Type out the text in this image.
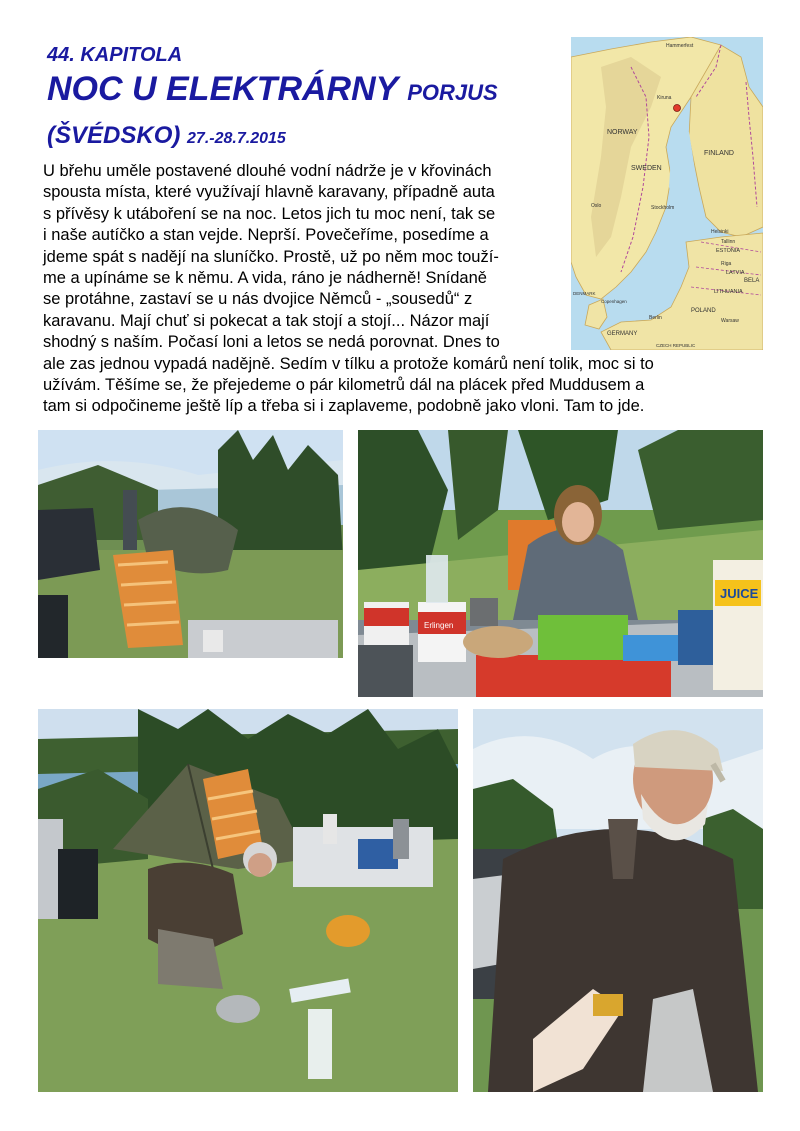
44. KAPITOLA
NOC U ELEKTRÁRNY PORJUS
(ŠVÉDSKO) 27.-28.7.2015

U břehu uměle postavené dlouhé vodní nádrže je v křovinách

spousta místa, které využívají hlavně karavany, případně auta

s přívěsy k utáboření se na noc. Letos jich tu moc není, tak se

i naše autíčko a stan vejde. Neprší. Povečeříme, posedíme a

jdeme spát s nadějí na sluníčko. Prostě, už po něm moc touží-

me a upínáme se k němu. A vida, ráno je nádherně! Snídaně

se protáhne, zastaví se u nás dvojice Němců - „sousedů“ z

karavanu. Mají chuť si pokecat a tak stojí a stojí... Názor mají

shodný s naším. Počasí loni a letos se nedá porovnat. Dnes to

ale zas jednou vypadá nadějně. Sedím v tílku a protože komárů není tolik, moc si to

užívám. Těšíme se, že přejedeme o pár kilometrů dál na plácek před Muddusem a

tam si odpočineme ještě líp a třeba si i zaplaveme, podobně jako vloni. Tam to jde.

NORWAY
SWEDEN
FINLAND
ESTONIA
LATVIA
LITHUANIA
POLAND
GERMANY
BELA
CZECH REPUBLIC
DENMARK
Helsinki
Stockholm
Oslo
Riga
Tallinn
Warsaw
Berlin
Copenhagen
Hammerfest
Kiruna
Erlingen
JUICE
